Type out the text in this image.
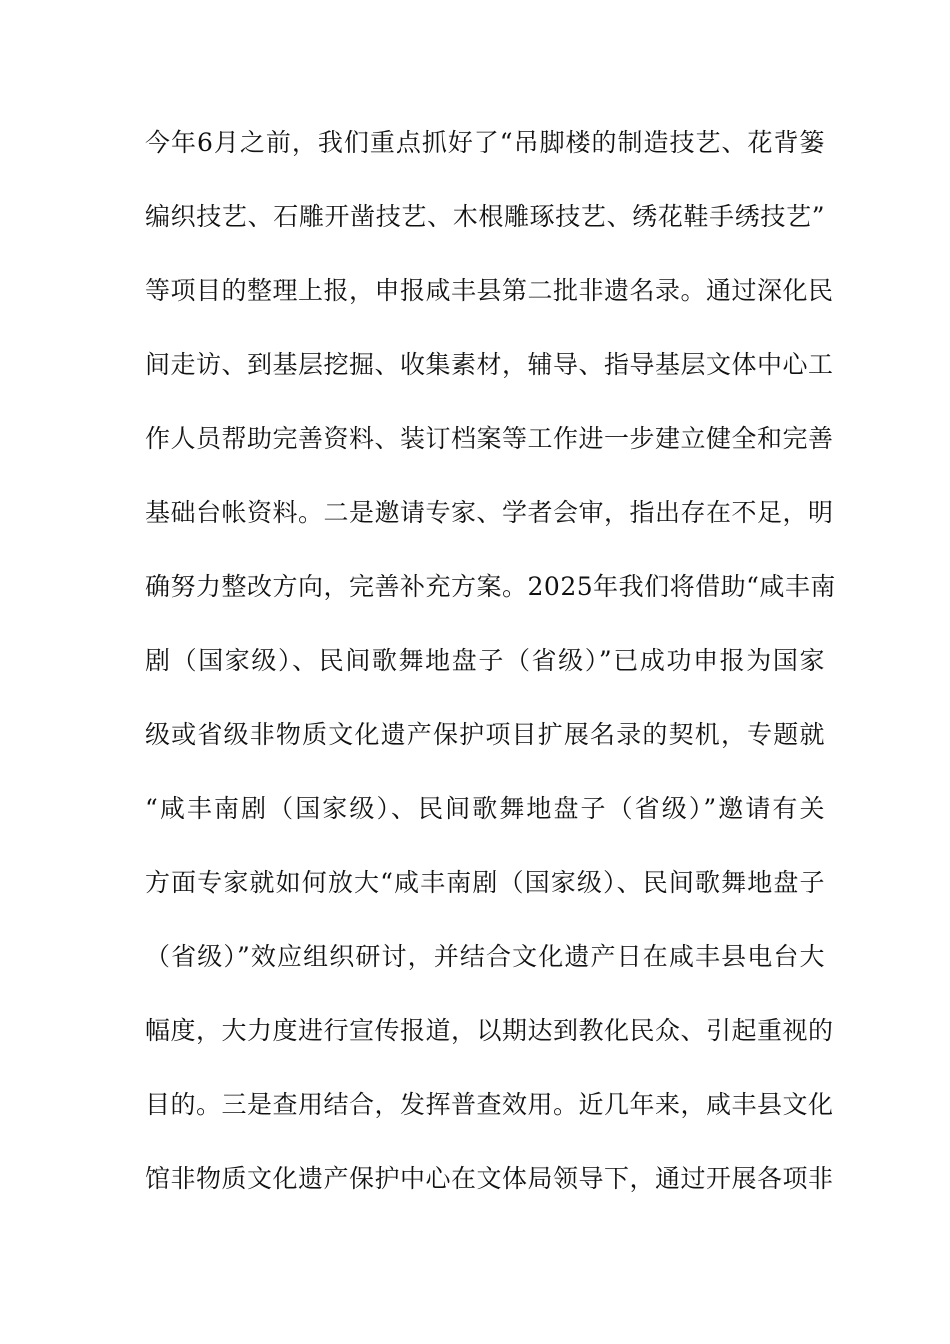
今年6月之前，我们重点抓好了“吊脚楼的制造技艺、花背篓
编织技艺、石雕开凿技艺、木根雕琢技艺、绣花鞋手绣技艺”
等项目的整理上报，申报咸丰县第二批非遗名录。通过深化民
间走访、到基层挖掘、收集素材，辅导、指导基层文体中心工
作人员帮助完善资料、装订档案等工作进一步建立健全和完善
基础台帐资料。二是邀请专家、学者会审，指出存在不足，明
确努力整改方向，完善补充方案。2025年我们将借助“咸丰南
剧（国家级）、民间歌舞地盘子（省级）”已成功申报为国家
级或省级非物质文化遗产保护项目扩展名录的契机，专题就
“咸丰南剧（国家级）、民间歌舞地盘子（省级）”邀请有关
方面专家就如何放大“咸丰南剧（国家级）、民间歌舞地盘子
（省级）”效应组织研讨，并结合文化遗产日在咸丰县电台大
幅度，大力度进行宣传报道，以期达到教化民众、引起重视的
目的。三是查用结合，发挥普查效用。近几年来，咸丰县文化
馆非物质文化遗产保护中心在文体局领导下，通过开展各项非
